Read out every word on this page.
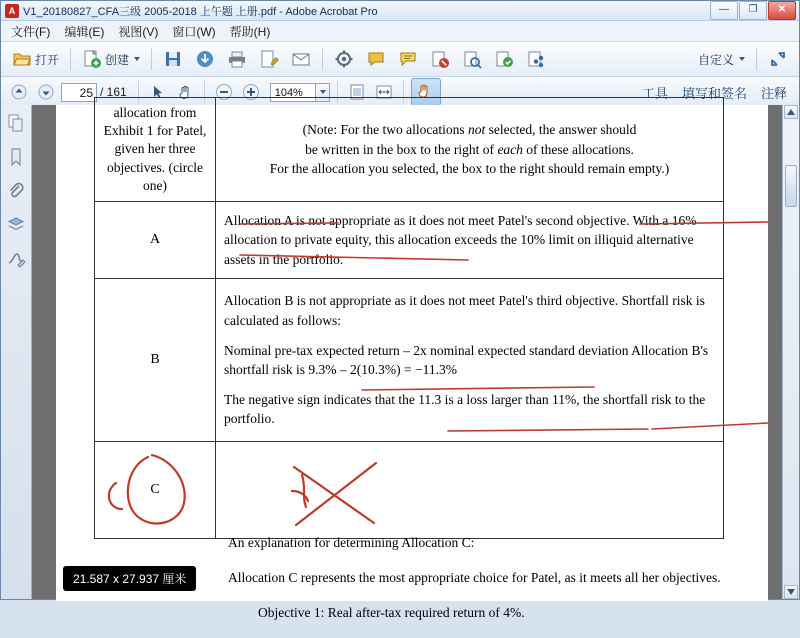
A V1_20180827_CFA三级 2005-2018 上午题 上册.pdf - Adobe Acrobat Pro	—	❐	✕
文件(F)	编辑(E)	视图(V)	窗口(W)	帮助(H)
打开	创建	自定义
25 / 161	104%	工具 填写和签名 注释
allocation from Exhibit 1 for Patel, given her three objectives. (circle one)	(Note: For the two allocations not selected, the answer should
be written in the box to the right of each of these allocations.
For the allocation you selected, the box to the right should remain empty.)
A	Allocation A is not appropriate as it does not meet Patel's second objective. With a 16% allocation to private equity, this allocation exceeds the 10% limit on illiquid alternative assets in the portfolio.

B	Allocation B is not appropriate as it does not meet Patel's third objective. Shortfall risk is calculated as follows:

Nominal pre-tax expected return – 2x nominal expected standard deviation Allocation B's shortfall risk is 9.3% – 2(10.3%) = −11.3%

The negative sign indicates that the 11.3 is a loss larger than 11%, the shortfall risk to the portfolio.

C	

An explanation for determining Allocation C:

Allocation C represents the most appropriate choice for Patel, as it meets all her objectives.

Objective 1: Real after-tax required return of 4%.

21.587 x 27.937 厘米
